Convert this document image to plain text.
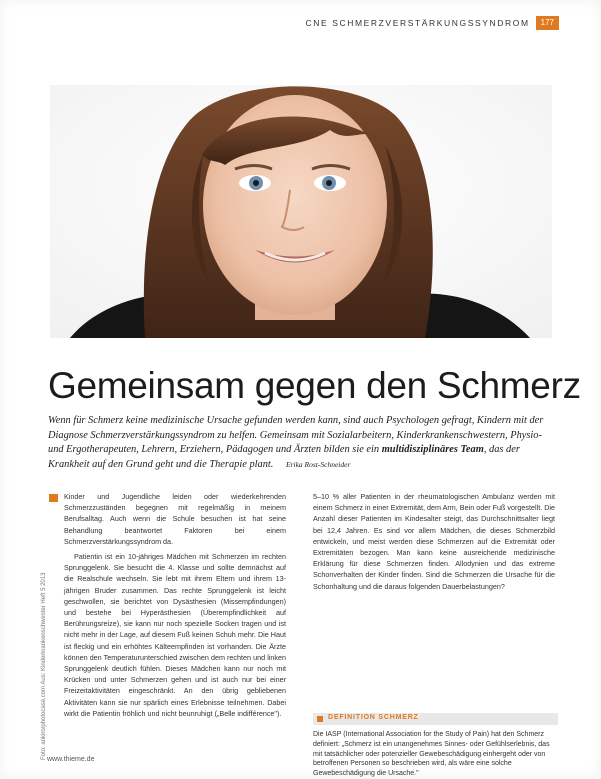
CNE SCHMERZVERSTÄRKUNGSSYNDROM	177
Gemeinsam gegen den Schmerz
Wenn für Schmerz keine medizinische Ursache gefunden werden kann, sind auch Psychologen gefragt, Kindern mit der Diagnose Schmerzverstärkungssyndrom zu helfen. Gemeinsam mit Sozialarbeitern, Kinderkrankenschwestern, Physio- und Ergotherapeuten, Lehrern, Erziehern, Pädagogen und Ärzten bilden sie ein multidisziplinäres Team, das der Krankheit auf den Grund geht und die Therapie plant. Erika Rost-Schneider

Kinder und Jugendliche leiden oder wiederkehrenden Schmerzzuständen begegnen mit regelmäßig in meinem Berufsalltag. Auch wenn die Schule besuchen ist hat seine Behandlung beantwortet Faktoren bei einem Schmerzverstärkungssyndrom da.

Patientin ist ein 10-jähriges Mädchen mit Schmerzen im rechten Sprunggelenk. Sie besucht die 4. Klasse und sollte demnächst auf die Realschule wechseln. Sie lebt mit ihrem Eltern und ihrem 13-jährigen Bruder zusammen. Das rechte Sprunggelenk ist leicht geschwollen, sie berichtet von Dysästhesien (Missempfindungen) und bestehe bei Hyperästhesien (Überempfindlichkeit auf Berührungsreize), sie kann nur noch spezielle Socken tragen und ist nicht mehr in der Lage, auf diesem Fuß keinen Schuh mehr. Die Haut ist fleckig und ein erhöhtes Kälteempfinden ist vorhanden. Die Ärzte können den Temperaturunterschied zwischen dem rechten und linken Sprunggelenk deutlich fühlen. Dieses Mädchen kann nur noch mit Krücken und unter Schmerzen gehen und ist auch nur bei einer Freizeitaktivitäten eingeschränkt. An den übrig gebliebenen Aktivitäten kann sie nur spärlich eines Erlebnisse teilnehmen. Dabei wirkt die Patientin fröhlich und nicht beunruhigt („Belle indifférence").

5–10 % aller Patienten in der rheumatologischen Ambulanz werden mit einem Schmerz in einer Extremität, dem Arm, Bein oder Fuß vorgestellt. Die Anzahl dieser Patienten im Kindesalter steigt, das Durchschnittsalter liegt bei 12,4 Jahren. Es sind vor allem Mädchen, die dieses Schmerzbild entwickeln, und meist werden diese Schmerzen auf die Extremität oder Extremitäten bezogen. Man kann keine ausreichende medizinische Erklärung für diese Schmerzen finden. Allodynien und das extreme Schonverhalten der Kinder finden. Sind die Schmerzen die Ursache für die Schonhaltung und die daraus folgenden Dauerbelastungen?

DEFINITION SCHMERZ

Die IASP (International Association for the Study of Pain) hat den Schmerz definiert: „Schmerz ist ein unangenehmes Sinnes- oder Gefühlserlebnis, das mit tatsächlicher oder potenzieller Gewebeschädigung einhergeht oder von betroffenen Personen so beschrieben wird, als wäre eine solche Gewebeschädigung die Ursache."

Foto: ankiro/photocase.com Aus: Kinderkrankenschwester Heft 5 2013 www.thieme.de
